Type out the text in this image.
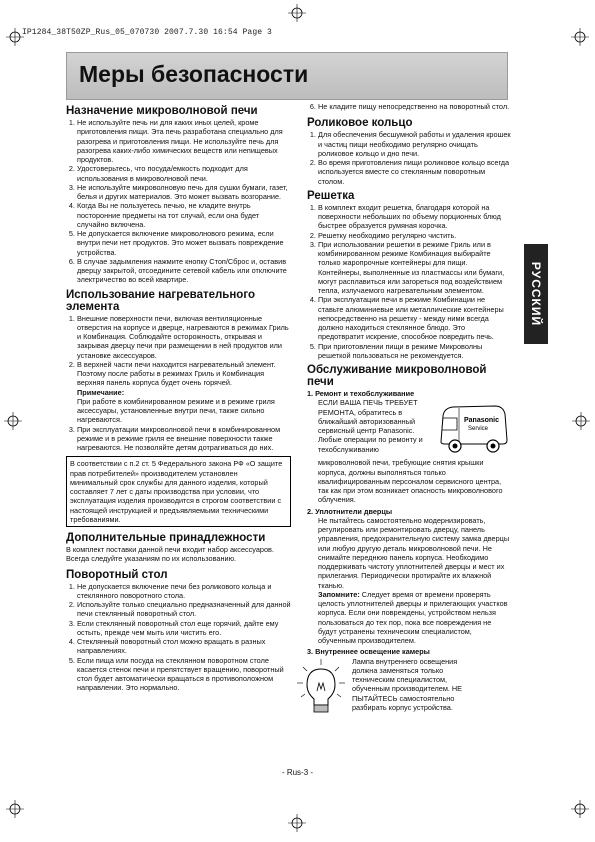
IP1284_38T50ZP_Rus_05_070730 2007.7.30 16:54 Page 3
Меры безопасности
РУССКИЙ
Назначение микроволновой печи
1. Не используйте печь ни для каких иных целей, кроме приготовления пищи. Эта печь разработана специально для разогрева и приготовления пищи. Не используйте печь для разогрева каких-либо химических веществ или непищевых продуктов.
2. Удостоверьтесь, что посуда/емкость подходит для использования в микроволновой печи.
3. Не используйте микроволновую печь для сушки бумаги, газет, белья и других материалов. Это может вызвать возгорание.
4. Когда Вы не пользуетесь печью, не кладите внутрь посторонние предметы на тот случай, если она будет случайно включена.
5. Не допускается включение микроволнового режима, если внутри печи нет продуктов. Это может вызвать повреждение устройства.
6. В случае задымления нажмите кнопку Стоп/Сброс и, оставив дверцу закрытой, отсоедините сетевой кабель или отключите электричество во всей квартире.
Использование нагревательного элемента
1. Внешние поверхности печи, включая вентиляционные отверстия на корпусе и дверце, нагреваются в режимах Гриль и Комбинация. Соблюдайте осторожность, открывая и закрывая дверцу печи при размещении в ней продуктов или установке аксессуаров.
2. В верхней части печи находится нагревательный элемент. Поэтому после работы в режимах Гриль и Комбинация верхняя панель корпуса будет очень горячей.
Примечание:
При работе в комбинированном режиме и в режиме гриля аксессуары, установленные внутри печи, также сильно нагреваются.
3. При эксплуатации микроволновой печи в комбинированном режиме и в режиме гриля ее внешние поверхности также нагреваются. Не позволяйте детям дотрагиваться до них.
В соответствии с п.2 ст. 5 Федерального закона РФ «О защите прав потребителей» производителем установлен минимальный срок службы для данного изделия, который составляет 7 лет с даты производства при условии, что эксплуатация изделия производится в строгом соответствии с настоящей инструкцией и предъявляемыми техническими требованиями.
Дополнительные принадлежности

В комплект поставки данной печи входит набор аксессуаров. Всегда следуйте указаниям по их использованию.

Поворотный стол
1. Не допускается включение печи без роликового кольца и стеклянного поворотного стола.
2. Используйте только специально предназначенный для данной печи стеклянный поворотный стол.
3. Если стеклянный поворотный стол еще горячий, дайте ему остыть, прежде чем мыть или чистить его.
4. Стеклянный поворотный стол можно вращать в разных направлениях.
5. Если пища или посуда на стеклянном поворотном столе касается стенок печи и препятствует вращению, поворотный стол будет автоматически вращаться в противоположном направлении. Это нормально.
6. Не кладите пищу непосредственно на поворотный стол.
Роликовое кольцо
1. Для обеспечения бесшумной работы и удаления крошек и частиц пищи необходимо регулярно очищать роликовое кольцо и дно печи.
2. Во время приготовления пищи роликовое кольцо всегда используется вместе со стеклянным поворотным столом.
Решетка
1. В комплект входит решетка, благодаря которой на поверхности небольших по объему порционных блюд быстрее образуется румяная корочка.
2. Решетку необходимо регулярно чистить.
3. При использовании решетки в режиме Гриль или в комбинированном режиме Комбинация выбирайте только жаропрочные контейнеры для пищи. Контейнеры, выполненные из пластмассы или бумаги, могут расплавиться или загореться под воздействием тепла, излучаемого нагревательным элементом.
4. При эксплуатации печи в режиме Комбинации не ставьте алюминиевые или металлические контейнеры непосредственно на решетку - между ними всегда должно находиться стеклянное блюдо. Это предотвратит искрение, способное повредить печь.
5. При приготовлении пищи в режиме Микроволны решеткой пользоваться не рекомендуется.
Обслуживание микроволновой печи
1. Ремонт и техобслуживание
Panasonic
Service
ЕСЛИ ВАША ПЕЧЬ ТРЕБУЕТ РЕМОНТА, обратитесь в ближайший авторизованный сервисный центр Panasonic. Любые операции по ремонту и техобслуживанию
микроволновой печи, требующие снятия крышки корпуса, должны выполняться только квалифицированным персоналом сервисного центра, так как при этом возникает опасность микроволнового облучения.
2. Уплотнители дверцы
Не пытайтесь самостоятельно модернизировать, регулировать или ремонтировать дверцу, панель управления, предохранительную систему замка дверцы или любую другую деталь микроволновой печи. Не снимайте переднюю панель корпуса. Необходимо поддерживать чистоту уплотнителей дверцы и мест их прилегания. Периодически протирайте их влажной тканью.
Запомните: Следует время от времени проверять целость уплотнителей дверцы и прилегающих участков корпуса. Если они повреждены, устройством нельзя пользоваться до тех пор, пока все повреждения не будут устранены техническим специалистом, обученным производителем.
3. Внутреннее освещение камеры
Лампа внутреннего освещения должна заменяться только техническим специалистом, обученным производителем. НЕ ПЫТАЙТЕСЬ самостоятельно разбирать корпус устройства.
- Rus-3 -
